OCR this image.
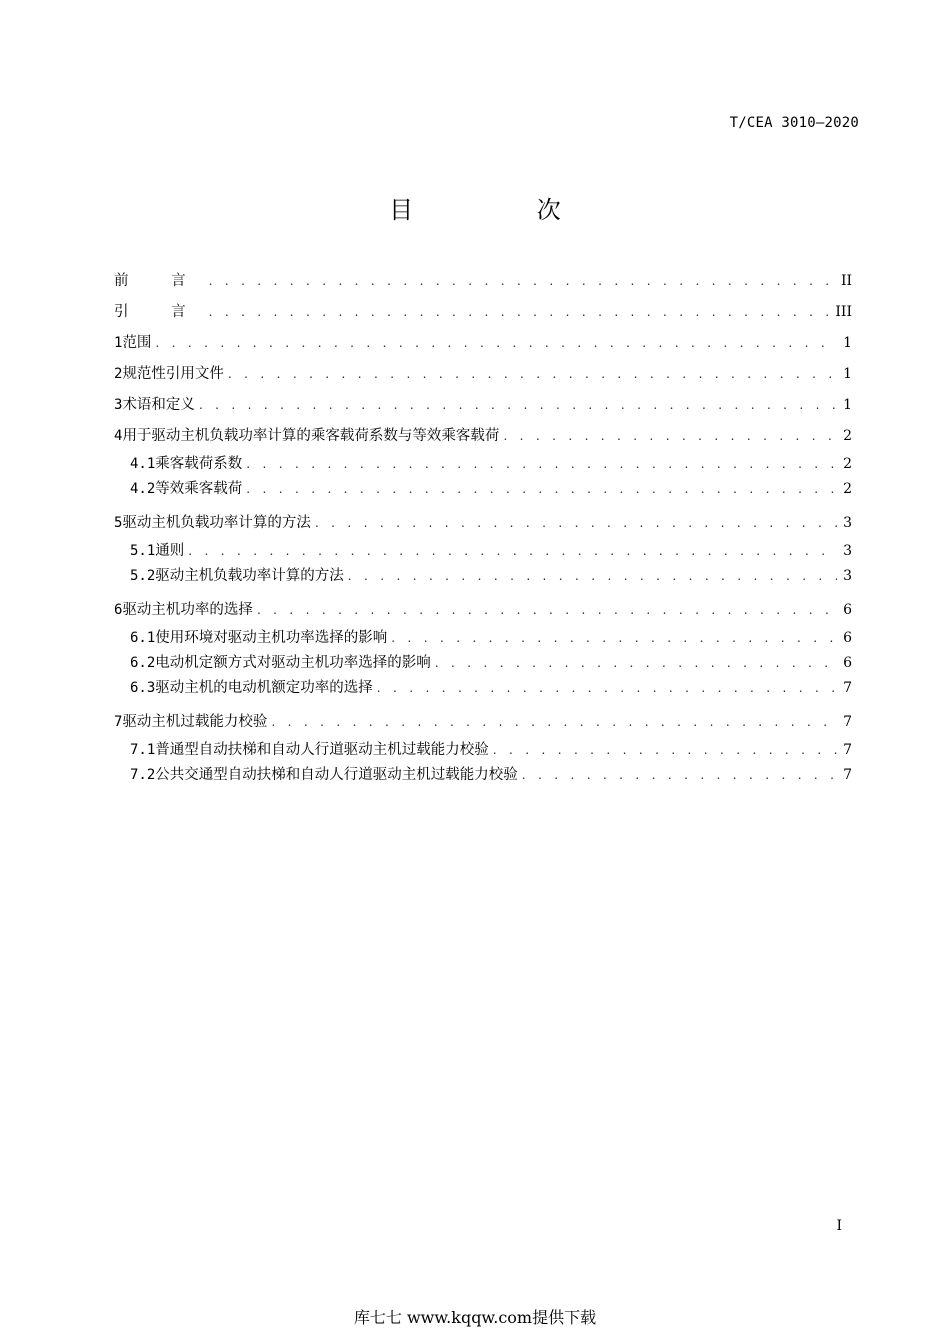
T/CEA 3010—2020
目 次
前 言 . . .	II
引 言 . . .	III
1 范围 . . .	1
2 规范性引用文件 . . .	1
3 术语和定义 . . .	1
4 用于驱动主机负载功率计算的乘客载荷系数与等效乘客载荷 . . .	2
4.1 乘客载荷系数 . . .	2
4.2 等效乘客载荷 . . .	2
5 驱动主机负载功率计算的方法 . . .	3
5.1 通则 . . .	3
5.2 驱动主机负载功率计算的方法 . . .	3
6 驱动主机功率的选择 . . .	6
6.1 使用环境对驱动主机功率选择的影响 . . .	6
6.2 电动机定额方式对驱动主机功率选择的影响 . . .	6
6.3 驱动主机的电动机额定功率的选择 . . .	7
7 驱动主机过载能力校验 . . .	7
7.1 普通型自动扶梯和自动人行道驱动主机过载能力校验 . . .	7
7.2 公共交通型自动扶梯和自动人行道驱动主机过载能力校验 . . .	7
I
库七七 www.kqqw.com提供下载
